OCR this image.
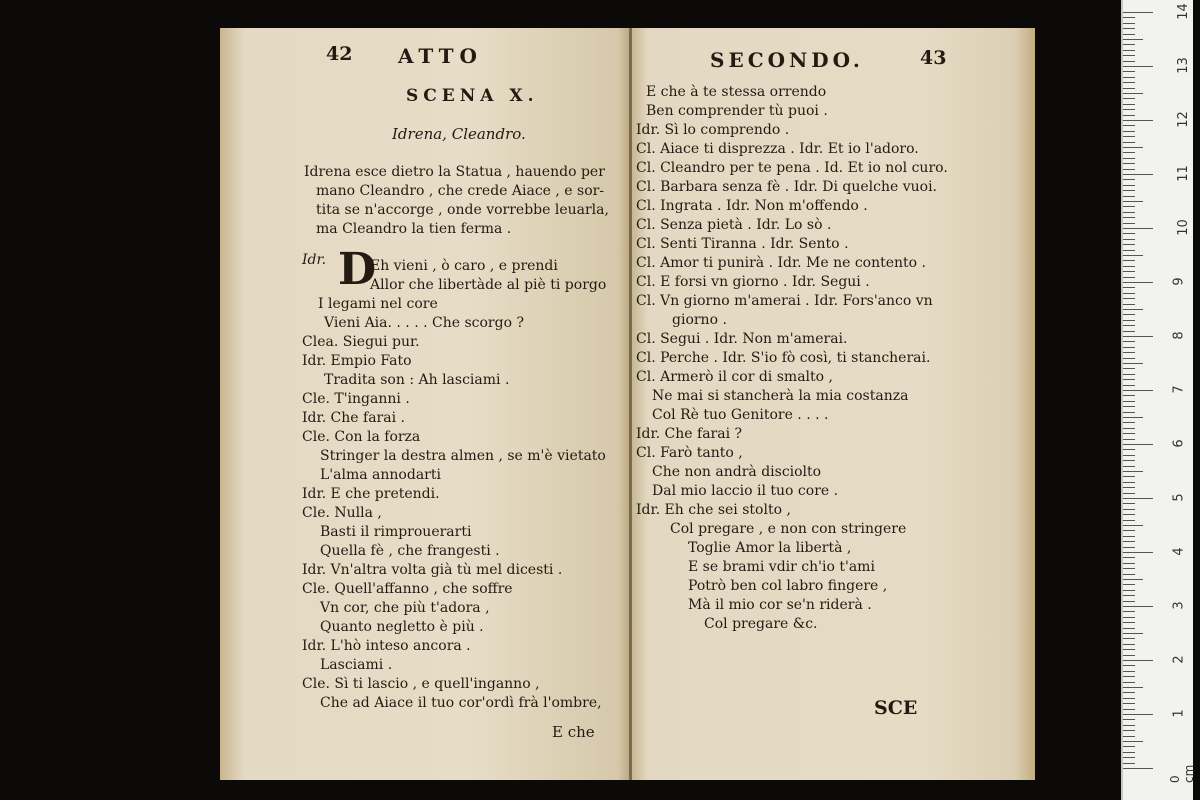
42 ATTO
SCENA X.
Idrena, Cleandro.
Idrena esce dietro la Statua , hauendo per
mano Cleandro , che crede Aiace , e sor-
tita se n'accorge , onde vorrebbe leuarla,
ma Cleandro la tien ferma .
Idr. D
Eh vieni , ò caro , e prendi
Allor che libertàde al piè ti porgo
I legami nel core
Vieni Aia. . . . . Che scorgo ?
Clea. Siegui pur.
Idr. Empio Fato
Tradita son : Ah lasciami .
Cle. T'inganni .
Idr. Che farai .
Cle. Con la forza
Stringer la destra almen , se m'è vietato
L'alma annodarti
Idr. E che pretendi.
Cle. Nulla ,
Basti il rimprouerarti
Quella fè , che frangesti .
Idr. Vn'altra volta già tù mel dicesti .
Cle. Quell'affanno , che soffre
Vn cor, che più t'adora ,
Quanto negletto è più .
Idr. L'hò inteso ancora .
Lasciami .
Cle. Sì ti lascio , e quell'inganno ,
Che ad Aiace il tuo cor'ordì frà l'ombre,
E che
SECONDO.	43
E che à te stessa orrendo
Ben comprender tù puoi .
Idr. Sì lo comprendo .
Cl. Aiace ti disprezza . Idr. Et io l'adoro.
Cl. Cleandro per te pena . Id. Et io nol curo.
Cl. Barbara senza fè . Idr. Di quelche vuoi.
Cl. Ingrata . Idr. Non m'offendo .
Cl. Senza pietà . Idr. Lo sò .
Cl. Senti Tiranna . Idr. Sento .
Cl. Amor ti punirà . Idr. Me ne contento .
Cl. E forsi vn giorno . Idr. Segui .
Cl. Vn giorno m'amerai . Idr. Fors'anco vn
giorno .
Cl. Segui . Idr. Non m'amerai.
Cl. Perche . Idr. S'io fò così, ti stancherai.
Cl. Armerò il cor di smalto ,
Ne mai si stancherà la mia costanza
Col Rè tuo Genitore . . . .
Idr. Che farai ?
Cl. Farò tanto ,
Che non andrà disciolto
Dal mio laccio il tuo core .
Idr. Eh che sei stolto ,
Col pregare , e non con stringere
Toglie Amor la libertà ,
E se brami vdir ch'io t'ami
Potrò ben col labro fingere ,
Mà il mio cor se'n riderà .
Col pregare &c.
SCE
0 cm
1
2
3
4
5
6
7
8
9
10
11
12
13
14
